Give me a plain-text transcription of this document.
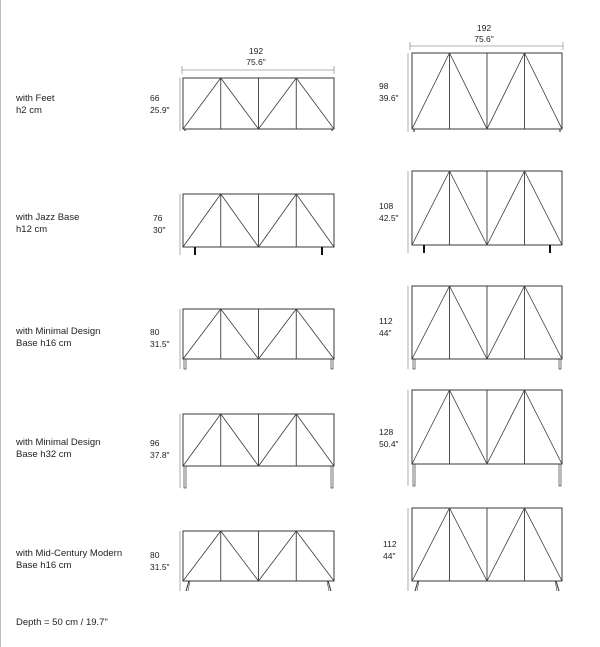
192
75.6"
192
75.6"
with Feet
h2 cm
with Jazz Base
h12 cm
with Minimal Design
Base h16 cm
with Minimal Design
Base h32 cm
with Mid-Century Modern
Base h16 cm
66
25.9"
76
30"
80
31.5"
96
37.8"
80
31.5"
98
39.6"
108
42.5"
112
44"
128
50.4"
112
44"
Depth = 50 cm / 19.7"
